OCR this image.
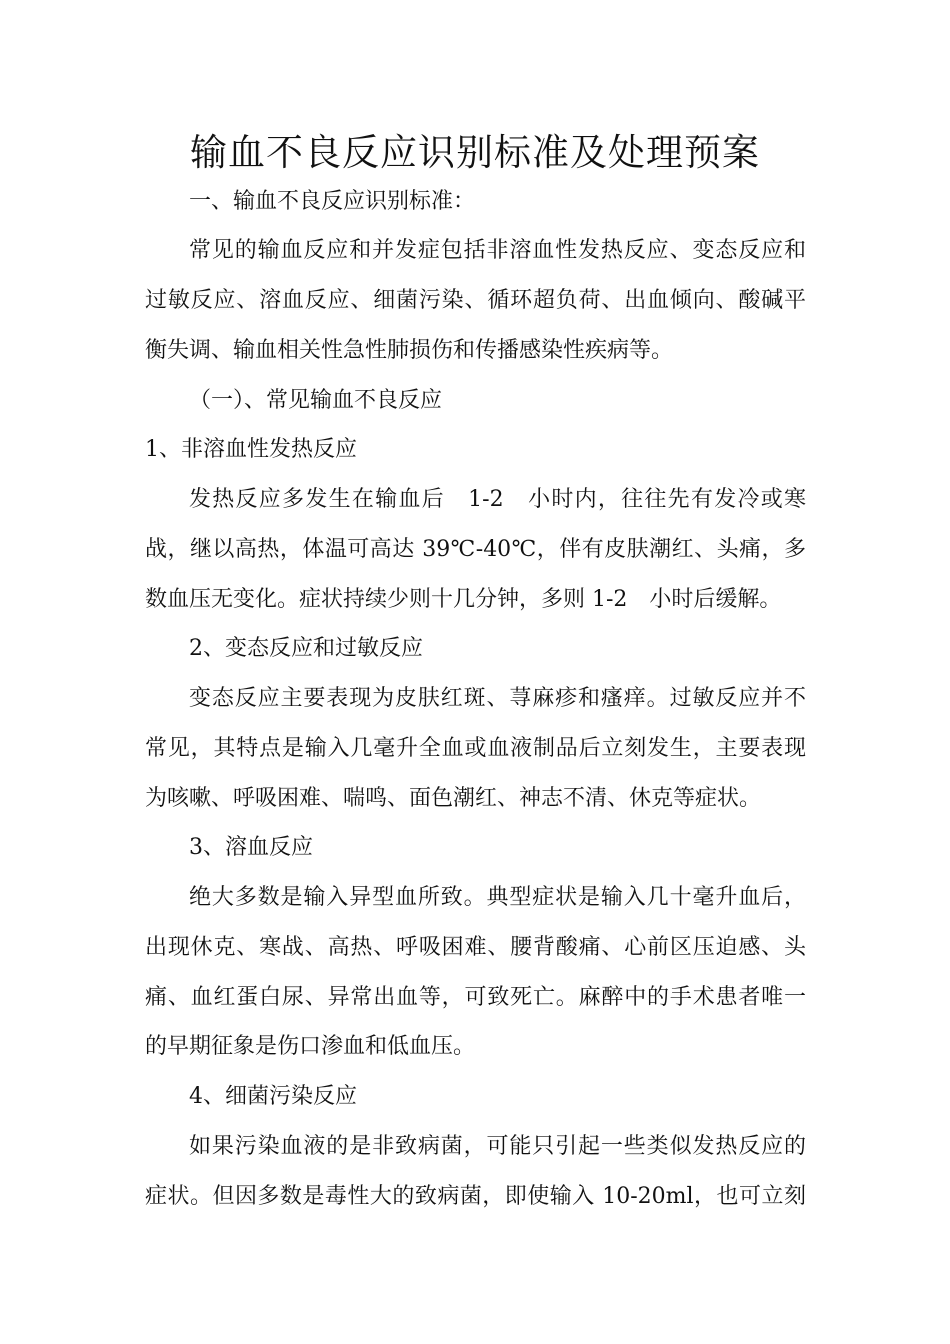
输血不良反应识别标准及处理预案
一、输血不良反应识别标准：
常见的输血反应和并发症包括非溶血性发热反应、变态反应和
过敏反应、溶血反应、细菌污染、循环超负荷、出血倾向、酸碱平
衡失调、输血相关性急性肺损伤和传播感染性疾病等。
（一）、常见输血不良反应
1、非溶血性发热反应
发热反应多发生在输血后　1-2　小时内，往往先有发冷或寒
战，继以高热，体温可高达 39℃-40℃，伴有皮肤潮红、头痛，多
数血压无变化。症状持续少则十几分钟，多则 1-2　小时后缓解。
2、变态反应和过敏反应
变态反应主要表现为皮肤红斑、荨麻疹和瘙痒。过敏反应并不
常见，其特点是输入几毫升全血或血液制品后立刻发生，主要表现
为咳嗽、呼吸困难、喘鸣、面色潮红、神志不清、休克等症状。
3、溶血反应
绝大多数是输入异型血所致。典型症状是输入几十毫升血后，
出现休克、寒战、高热、呼吸困难、腰背酸痛、心前区压迫感、头
痛、血红蛋白尿、异常出血等，可致死亡。麻醉中的手术患者唯一
的早期征象是伤口渗血和低血压。
4、细菌污染反应
如果污染血液的是非致病菌，可能只引起一些类似发热反应的
症状。但因多数是毒性大的致病菌，即使输入 10-20ml，也可立刻
